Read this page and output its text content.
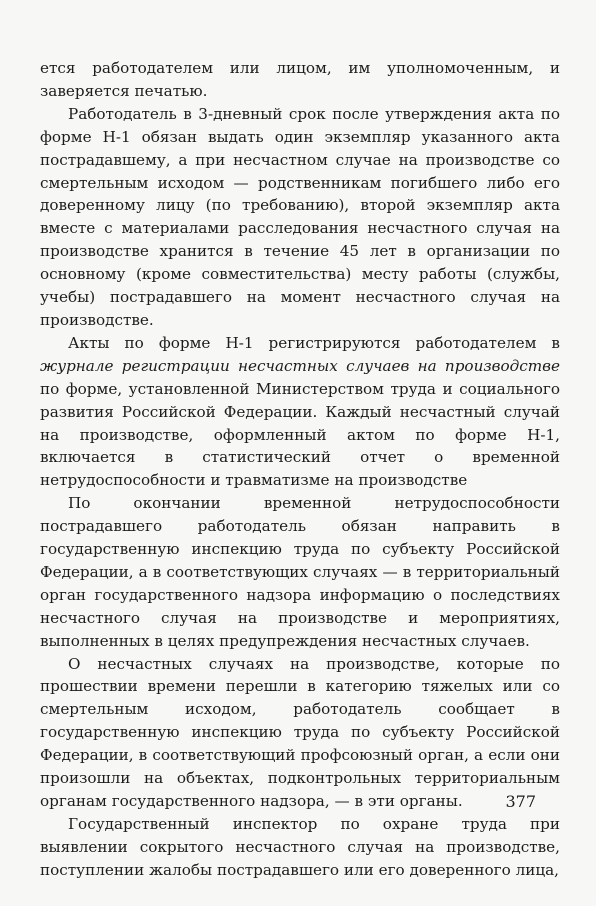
ется работодателем или лицом, им уполномоченным, и заверяется печатью.

Работодатель в 3-дневный срок после утверждения акта по форме Н-1 обязан выдать один экземпляр указанного акта пострадавшему, а при несчастном случае на производстве со смертельным исходом — родственникам погибшего либо его доверенному лицу (по требованию), второй экземпляр акта вместе с материалами расследования несчастного случая на производстве хранится в течение 45 лет в организации по основному (кроме совместительства) месту работы (службы, учебы) пострадавшего на момент несчастного случая на производстве.

Акты по форме Н-1 регистрируются работодателем в журнале регистрации несчастных случаев на производстве по форме, установленной Министерством труда и социального развития Российской Федерации. Каждый несчастный случай на производстве, оформленный актом по форме Н-1, включается в статистический отчет о временной нетрудоспособности и травматизме на производстве

По окончании временной нетрудоспособности пострадавшего работодатель обязан направить в государственную инспекцию труда по субъекту Российской Федерации, а в соответствующих случаях — в территориальный орган государственного надзора информацию о последствиях несчастного случая на производстве и мероприятиях, выполненных в целях предупреждения несчастных случаев.

О несчастных случаях на производстве, которые по прошествии времени перешли в категорию тяжелых или со смертельным исходом, работодатель сообщает в государственную инспекцию труда по субъекту Российской Федерации, в соответствующий профсоюзный орган, а если они произошли на объектах, подконтрольных территориальным органам государственного надзора, — в эти органы.

Государственный инспектор по охране труда при выявлении сокрытого несчастного случая на производстве, поступлении жалобы пострадавшего или его доверенного лица,

377
